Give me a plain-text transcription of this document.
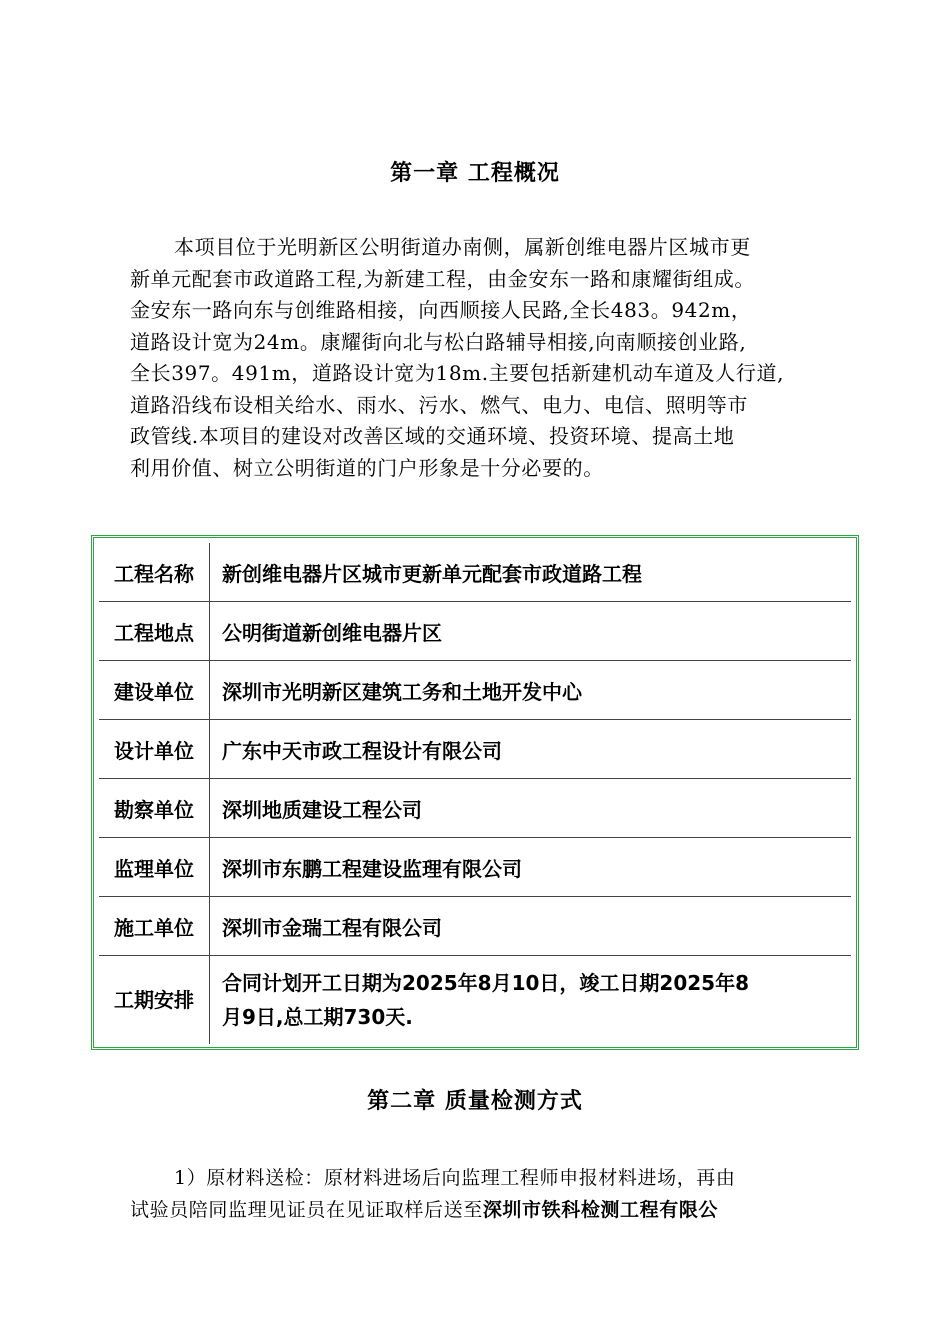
第一章 工程概况
本项目位于光明新区公明街道办南侧，属新创维电器片区城市更
新单元配套市政道路工程,为新建工程，由金安东一路和康耀街组成。
金安东一路向东与创维路相接，向西顺接人民路,全长483。942m，
道路设计宽为24m。康耀街向北与松白路辅导相接,向南顺接创业路,
全长397。491m，道路设计宽为18m.主要包括新建机动车道及人行道,
道路沿线布设相关给水、雨水、污水、燃气、电力、电信、照明等市
政管线.本项目的建设对改善区域的交通环境、投资环境、提高土地
利用价值、树立公明街道的门户形象是十分必要的。
工程名称	新创维电器片区城市更新单元配套市政道路工程
工程地点	公明街道新创维电器片区
建设单位	深圳市光明新区建筑工务和土地开发中心
设计单位	广东中天市政工程设计有限公司
勘察单位	深圳地质建设工程公司
监理单位	深圳市东鹏工程建设监理有限公司
施工单位	深圳市金瑞工程有限公司
工期安排	合同计划开工日期为2025年8月10日，竣工日期2025年8
月9日,总工期730天.
第二章 质量检测方式
1）原材料送检：原材料进场后向监理工程师申报材料进场，再由
试验员陪同监理见证员在见证取样后送至深圳市铁科检测工程有限公
